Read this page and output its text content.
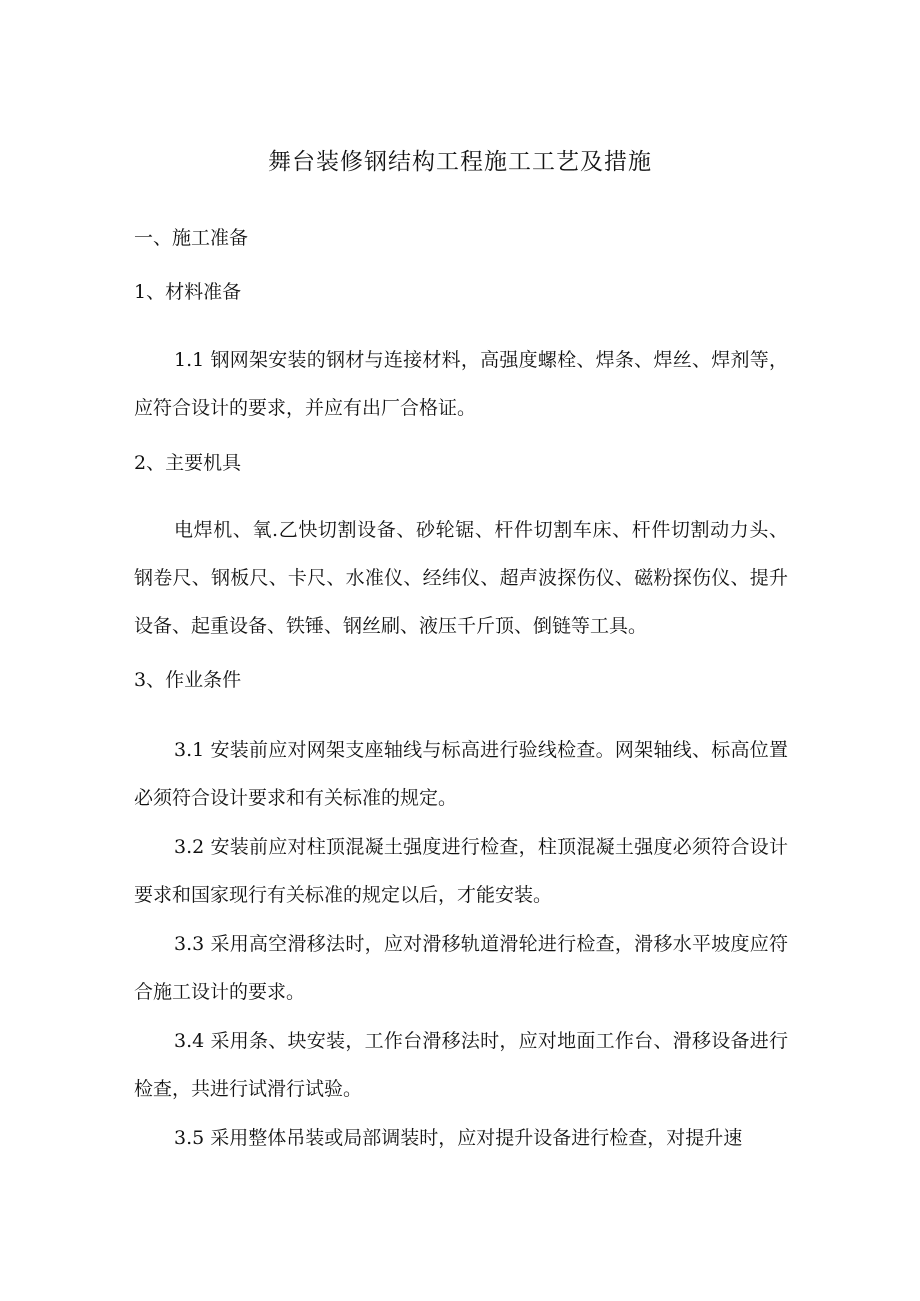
舞台装修钢结构工程施工工艺及措施
一、施工准备
1、材料准备

1.1 钢网架安装的钢材与连接材料，高强度螺栓、焊条、焊丝、焊剂等，应符合设计的要求，并应有出厂合格证。

2、主要机具

电焊机、氧.乙快切割设备、砂轮锯、杆件切割车床、杆件切割动力头、钢卷尺、钢板尺、卡尺、水准仪、经纬仪、超声波探伤仪、磁粉探伤仪、提升设备、起重设备、铁锤、钢丝刷、液压千斤顶、倒链等工具。

3、作业条件

3.1 安装前应对网架支座轴线与标高进行验线检查。网架轴线、标高位置必须符合设计要求和有关标准的规定。

3.2 安装前应对柱顶混凝土强度进行检查，柱顶混凝土强度必须符合设计要求和国家现行有关标准的规定以后，才能安装。

3.3 采用高空滑移法时，应对滑移轨道滑轮进行检查，滑移水平坡度应符合施工设计的要求。

3.4 采用条、块安装，工作台滑移法时，应对地面工作台、滑移设备进行检查，共进行试滑行试验。

3.5 采用整体吊装或局部调装时，应对提升设备进行检查，对提升速
